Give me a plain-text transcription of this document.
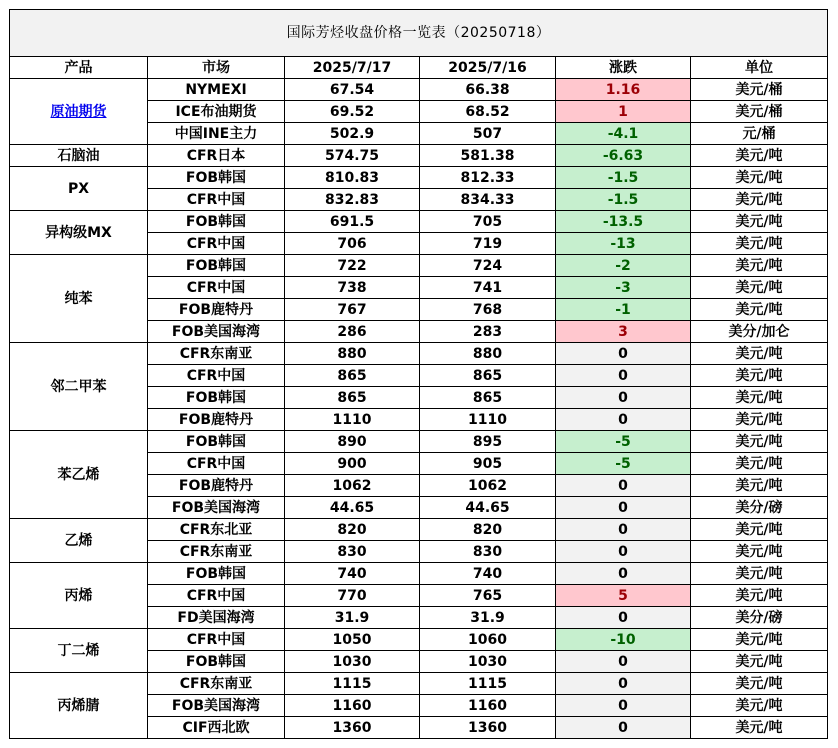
国际芳烃收盘价格一览表（20250718）					
产品	市场	2025/7/17	2025/7/16	涨跌	单位
原油期货	NYMEXI	67.54	66.38	1.16	美元/桶
	ICE布油期货	69.52	68.52	1	美元/桶
	中国INE主力	502.9	507	-4.1	元/桶
石脑油	CFR日本	574.75	581.38	-6.63	美元/吨
PX	FOB韩国	810.83	812.33	-1.5	美元/吨
	CFR中国	832.83	834.33	-1.5	美元/吨
异构级MX	FOB韩国	691.5	705	-13.5	美元/吨
	CFR中国	706	719	-13	美元/吨
纯苯	FOB韩国	722	724	-2	美元/吨
	CFR中国	738	741	-3	美元/吨
	FOB鹿特丹	767	768	-1	美元/吨
	FOB美国海湾	286	283	3	美分/加仑
邻二甲苯	CFR东南亚	880	880	0	美元/吨
	CFR中国	865	865	0	美元/吨
	FOB韩国	865	865	0	美元/吨
	FOB鹿特丹	1110	1110	0	美元/吨
苯乙烯	FOB韩国	890	895	-5	美元/吨
	CFR中国	900	905	-5	美元/吨
	FOB鹿特丹	1062	1062	0	美元/吨
	FOB美国海湾	44.65	44.65	0	美分/磅
乙烯	CFR东北亚	820	820	0	美元/吨
	CFR东南亚	830	830	0	美元/吨
丙烯	FOB韩国	740	740	0	美元/吨
	CFR中国	770	765	5	美元/吨
	FD美国海湾	31.9	31.9	0	美分/磅
丁二烯	CFR中国	1050	1060	-10	美元/吨
	FOB韩国	1030	1030	0	美元/吨
丙烯腈	CFR东南亚	1115	1115	0	美元/吨
	FOB美国海湾	1160	1160	0	美元/吨
	CIF西北欧	1360	1360	0	美元/吨
